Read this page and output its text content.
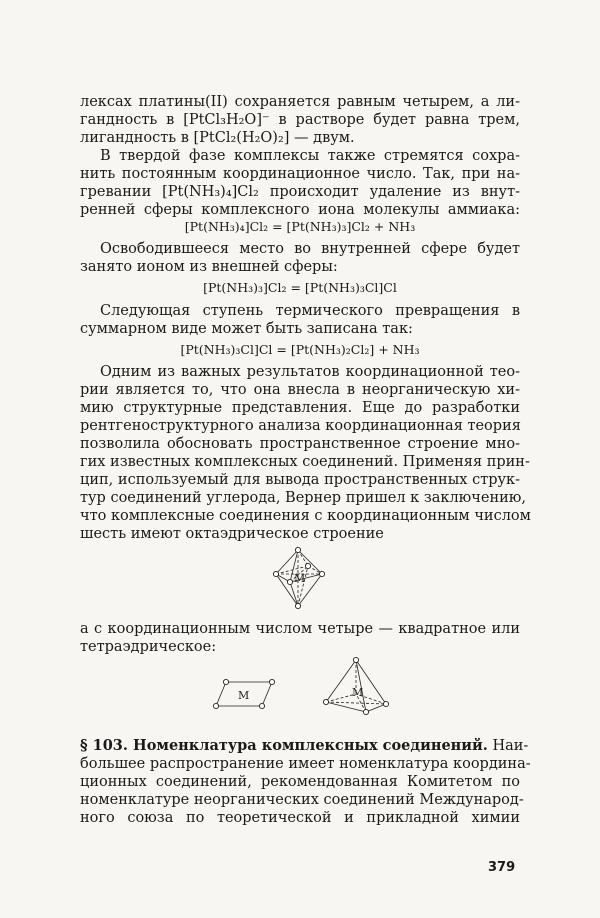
лексах платины(II) сохраняется равным четырем, а ли-
гандность в [PtCl₃H₂O]⁻ в растворе будет равна трем,
лигандность в [PtCl₂(H₂O)₂] — двум.
В твердой фазе комплексы также стремятся сохра-
нить постоянным координационное число. Так, при на-
гревании [Pt(NH₃)₄]Cl₂ происходит удаление из внут-
ренней сферы комплексного иона молекулы аммиака:
[Pt(NH₃)₄]Cl₂ = [Pt(NH₃)₃]Cl₂ + NH₃
Освободившееся место во внутренней сфере будет
занято ионом из внешней сферы:
[Pt(NH₃)₃]Cl₂ = [Pt(NH₃)₃Cl]Cl
Следующая ступень термического превращения в
суммарном виде может быть записана так:
[Pt(NH₃)₃Cl]Cl = [Pt(NH₃)₂Cl₂] + NH₃
Одним из важных результатов координационной тео-
рии является то, что она внесла в неорганическую хи-
мию структурные представления. Еще до разработки
рентгеноструктурного анализа координационная теория
позволила обосновать пространственное строение мно-
гих известных комплексных соединений. Применяя прин-
цип, используемый для вывода пространственных струк-
тур соединений углерода, Вернер пришел к заключению,
что комплексные соединения с координационным числом
шесть имеют октаэдрическое строение
M
а с координационным числом четыре — квадратное или
тетраэдрическое:
M	M
§ 103. Номенклатура комплексных соединений. Наи-
большее распространение имеет номенклатура координа-
ционных соединений, рекомендованная Комитетом по
номенклатуре неорганических соединений Международ-
ного союза по теоретической и прикладной химии
379
